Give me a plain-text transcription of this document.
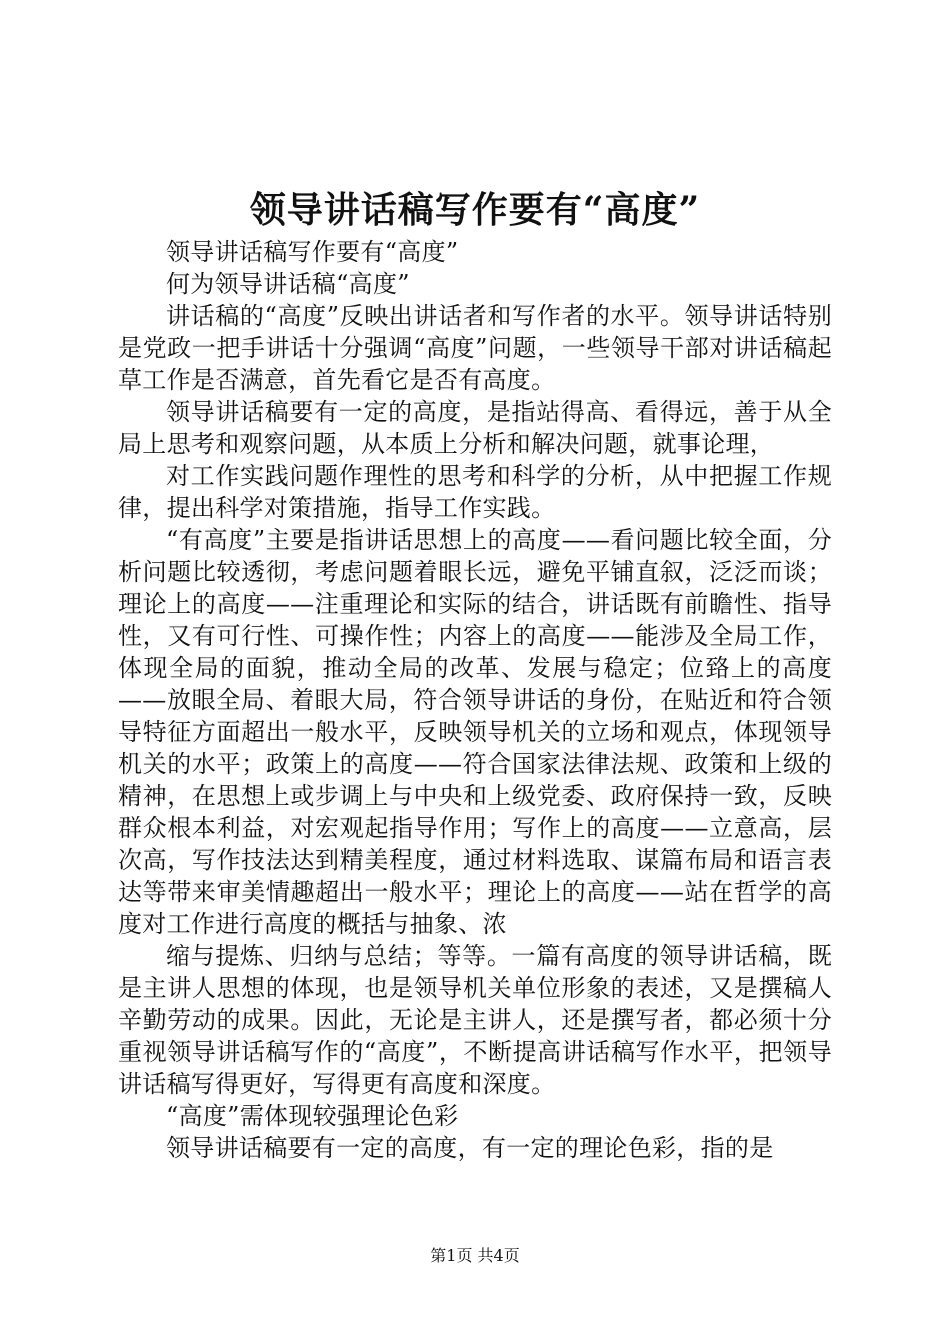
领导讲话稿写作要有“高度”

领导讲话稿写作要有“高度”

何为领导讲话稿“高度”

讲话稿的“高度”反映出讲话者和写作者的水平。领导讲话特别是党政一把手讲话十分强调“高度”问题，一些领导干部对讲话稿起草工作是否满意，首先看它是否有高度。

领导讲话稿要有一定的高度，是指站得高、看得远，善于从全局上思考和观察问题，从本质上分析和解决问题，就事论理，

对工作实践问题作理性的思考和科学的分析，从中把握工作规律，提出科学对策措施，指导工作实践。

“有高度”主要是指讲话思想上的高度——看问题比较全面，分析问题比较透彻，考虑问题着眼长远，避免平铺直叙，泛泛而谈；理论上的高度——注重理论和实际的结合，讲话既有前瞻性、指导性，又有可行性、可操作性；内容上的高度——能涉及全局工作，体现全局的面貌，推动全局的改革、发展与稳定；位臵上的高度——放眼全局、着眼大局，符合领导讲话的身份，在贴近和符合领导特征方面超出一般水平，反映领导机关的立场和观点，体现领导机关的水平；政策上的高度——符合国家法律法规、政策和上级的精神，在思想上或步调上与中央和上级党委、政府保持一致，反映群众根本利益，对宏观起指导作用；写作上的高度——立意高，层次高，写作技法达到精美程度，通过材料选取、谋篇布局和语言表达等带来审美情趣超出一般水平；理论上的高度——站在哲学的高度对工作进行高度的概括与抽象、浓

缩与提炼、归纳与总结；等等。一篇有高度的领导讲话稿，既是主讲人思想的体现，也是领导机关单位形象的表述，又是撰稿人辛勤劳动的成果。因此，无论是主讲人，还是撰写者，都必须十分重视领导讲话稿写作的“高度”，不断提高讲话稿写作水平，把领导讲话稿写得更好，写得更有高度和深度。

“高度”需体现较强理论色彩

领导讲话稿要有一定的高度，有一定的理论色彩，指的是

第1页 共4页
